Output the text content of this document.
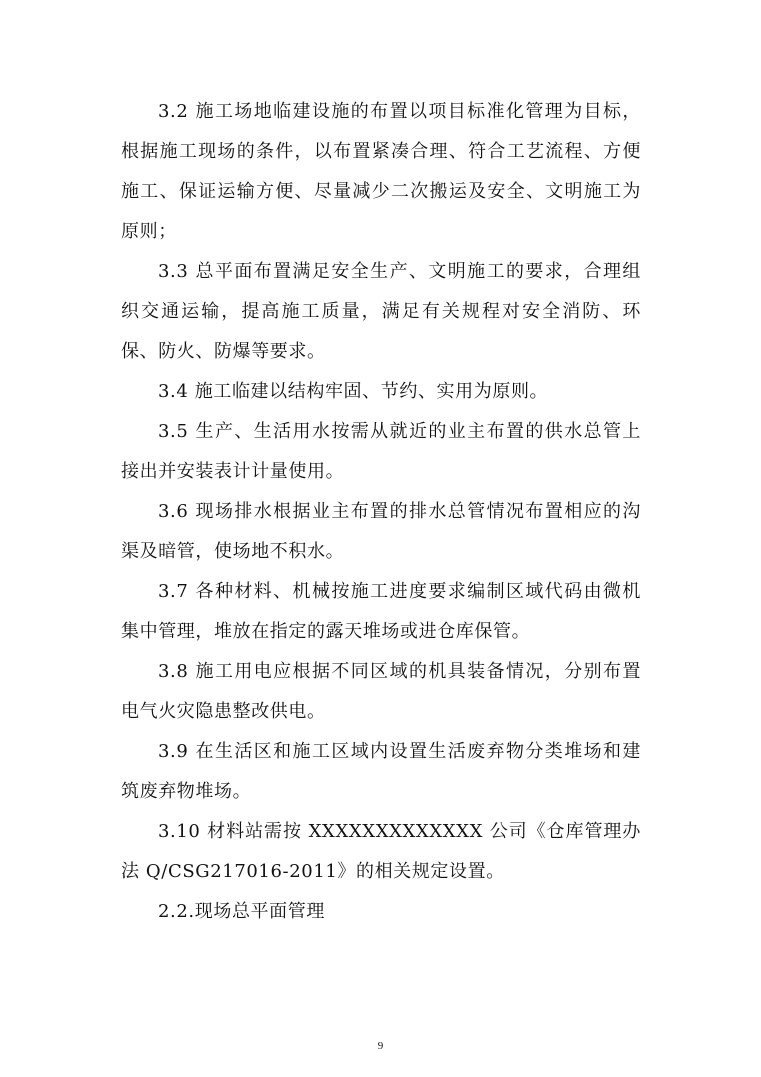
3.2 施工场地临建设施的布置以项目标准化管理为目标，根据施工现场的条件，以布置紧凑合理、符合工艺流程、方便施工、保证运输方便、尽量减少二次搬运及安全、文明施工为原则；

3.3 总平面布置满足安全生产、文明施工的要求，合理组织交通运输，提高施工质量，满足有关规程对安全消防、环保、防火、防爆等要求。

3.4 施工临建以结构牢固、节约、实用为原则。

3.5 生产、生活用水按需从就近的业主布置的供水总管上接出并安装表计计量使用。

3.6 现场排水根据业主布置的排水总管情况布置相应的沟渠及暗管，使场地不积水。

3.7 各种材料、机械按施工进度要求编制区域代码由微机集中管理，堆放在指定的露天堆场或进仓库保管。

3.8 施工用电应根据不同区域的机具装备情况，分别布置电气火灾隐患整改供电。

3.9 在生活区和施工区域内设置生活废弃物分类堆场和建筑废弃物堆场。

3.10 材料站需按 XXXXXXXXXXXXX 公司《仓库管理办法 Q/CSG217016-2011》的相关规定设置。

2.2.现场总平面管理

9
